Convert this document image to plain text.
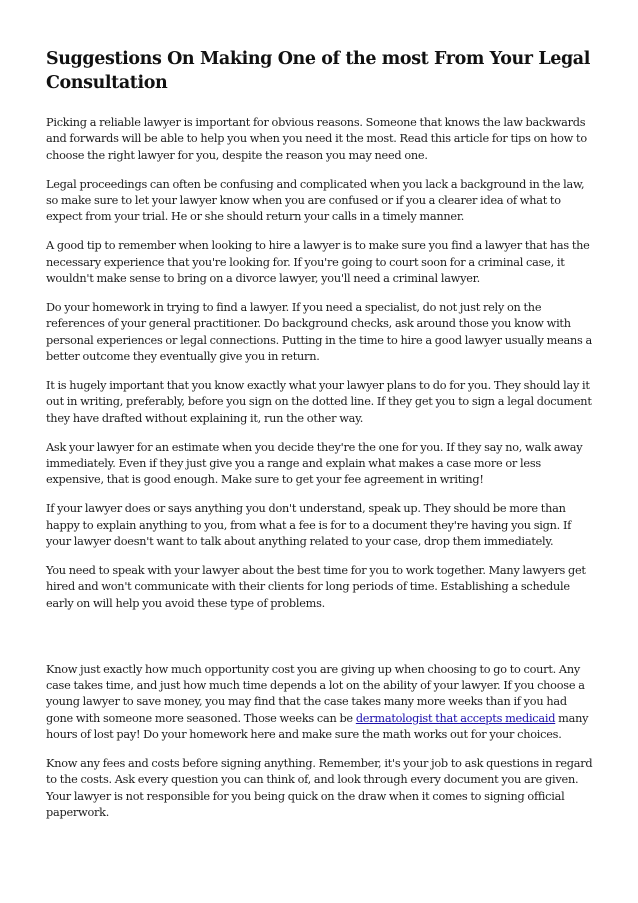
Suggestions On Making One of the most From Your Legal Consultation

Picking a reliable lawyer is important for obvious reasons. Someone that knows the law backwards and forwards will be able to help you when you need it the most. Read this article for tips on how to choose the right lawyer for you, despite the reason you may need one.

Legal proceedings can often be confusing and complicated when you lack a background in the law, so make sure to let your lawyer know when you are confused or if you a clearer idea of what to expect from your trial. He or she should return your calls in a timely manner.

A good tip to remember when looking to hire a lawyer is to make sure you find a lawyer that has the necessary experience that you're looking for. If you're going to court soon for a criminal case, it wouldn't make sense to bring on a divorce lawyer, you'll need a criminal lawyer.

Do your homework in trying to find a lawyer. If you need a specialist, do not just rely on the references of your general practitioner. Do background checks, ask around those you know with personal experiences or legal connections. Putting in the time to hire a good lawyer usually means a better outcome they eventually give you in return.

It is hugely important that you know exactly what your lawyer plans to do for you. They should lay it out in writing, preferably, before you sign on the dotted line. If they get you to sign a legal document they have drafted without explaining it, run the other way.

Ask your lawyer for an estimate when you decide they're the one for you. If they say no, walk away immediately. Even if they just give you a range and explain what makes a case more or less expensive, that is good enough. Make sure to get your fee agreement in writing!

If your lawyer does or says anything you don't understand, speak up. They should be more than happy to explain anything to you, from what a fee is for to a document they're having you sign. If your lawyer doesn't want to talk about anything related to your case, drop them immediately.

You need to speak with your lawyer about the best time for you to work together. Many lawyers get hired and won't communicate with their clients for long periods of time. Establishing a schedule early on will help you avoid these type of problems.

Know just exactly how much opportunity cost you are giving up when choosing to go to court. Any case takes time, and just how much time depends a lot on the ability of your lawyer. If you choose a young lawyer to save money, you may find that the case takes many more weeks than if you had gone with someone more seasoned. Those weeks can be dermatologist that accepts medicaid many hours of lost pay! Do your homework here and make sure the math works out for your choices.

Know any fees and costs before signing anything. Remember, it's your job to ask questions in regard to the costs. Ask every question you can think of, and look through every document you are given. Your lawyer is not responsible for you being quick on the draw when it comes to signing official paperwork.
